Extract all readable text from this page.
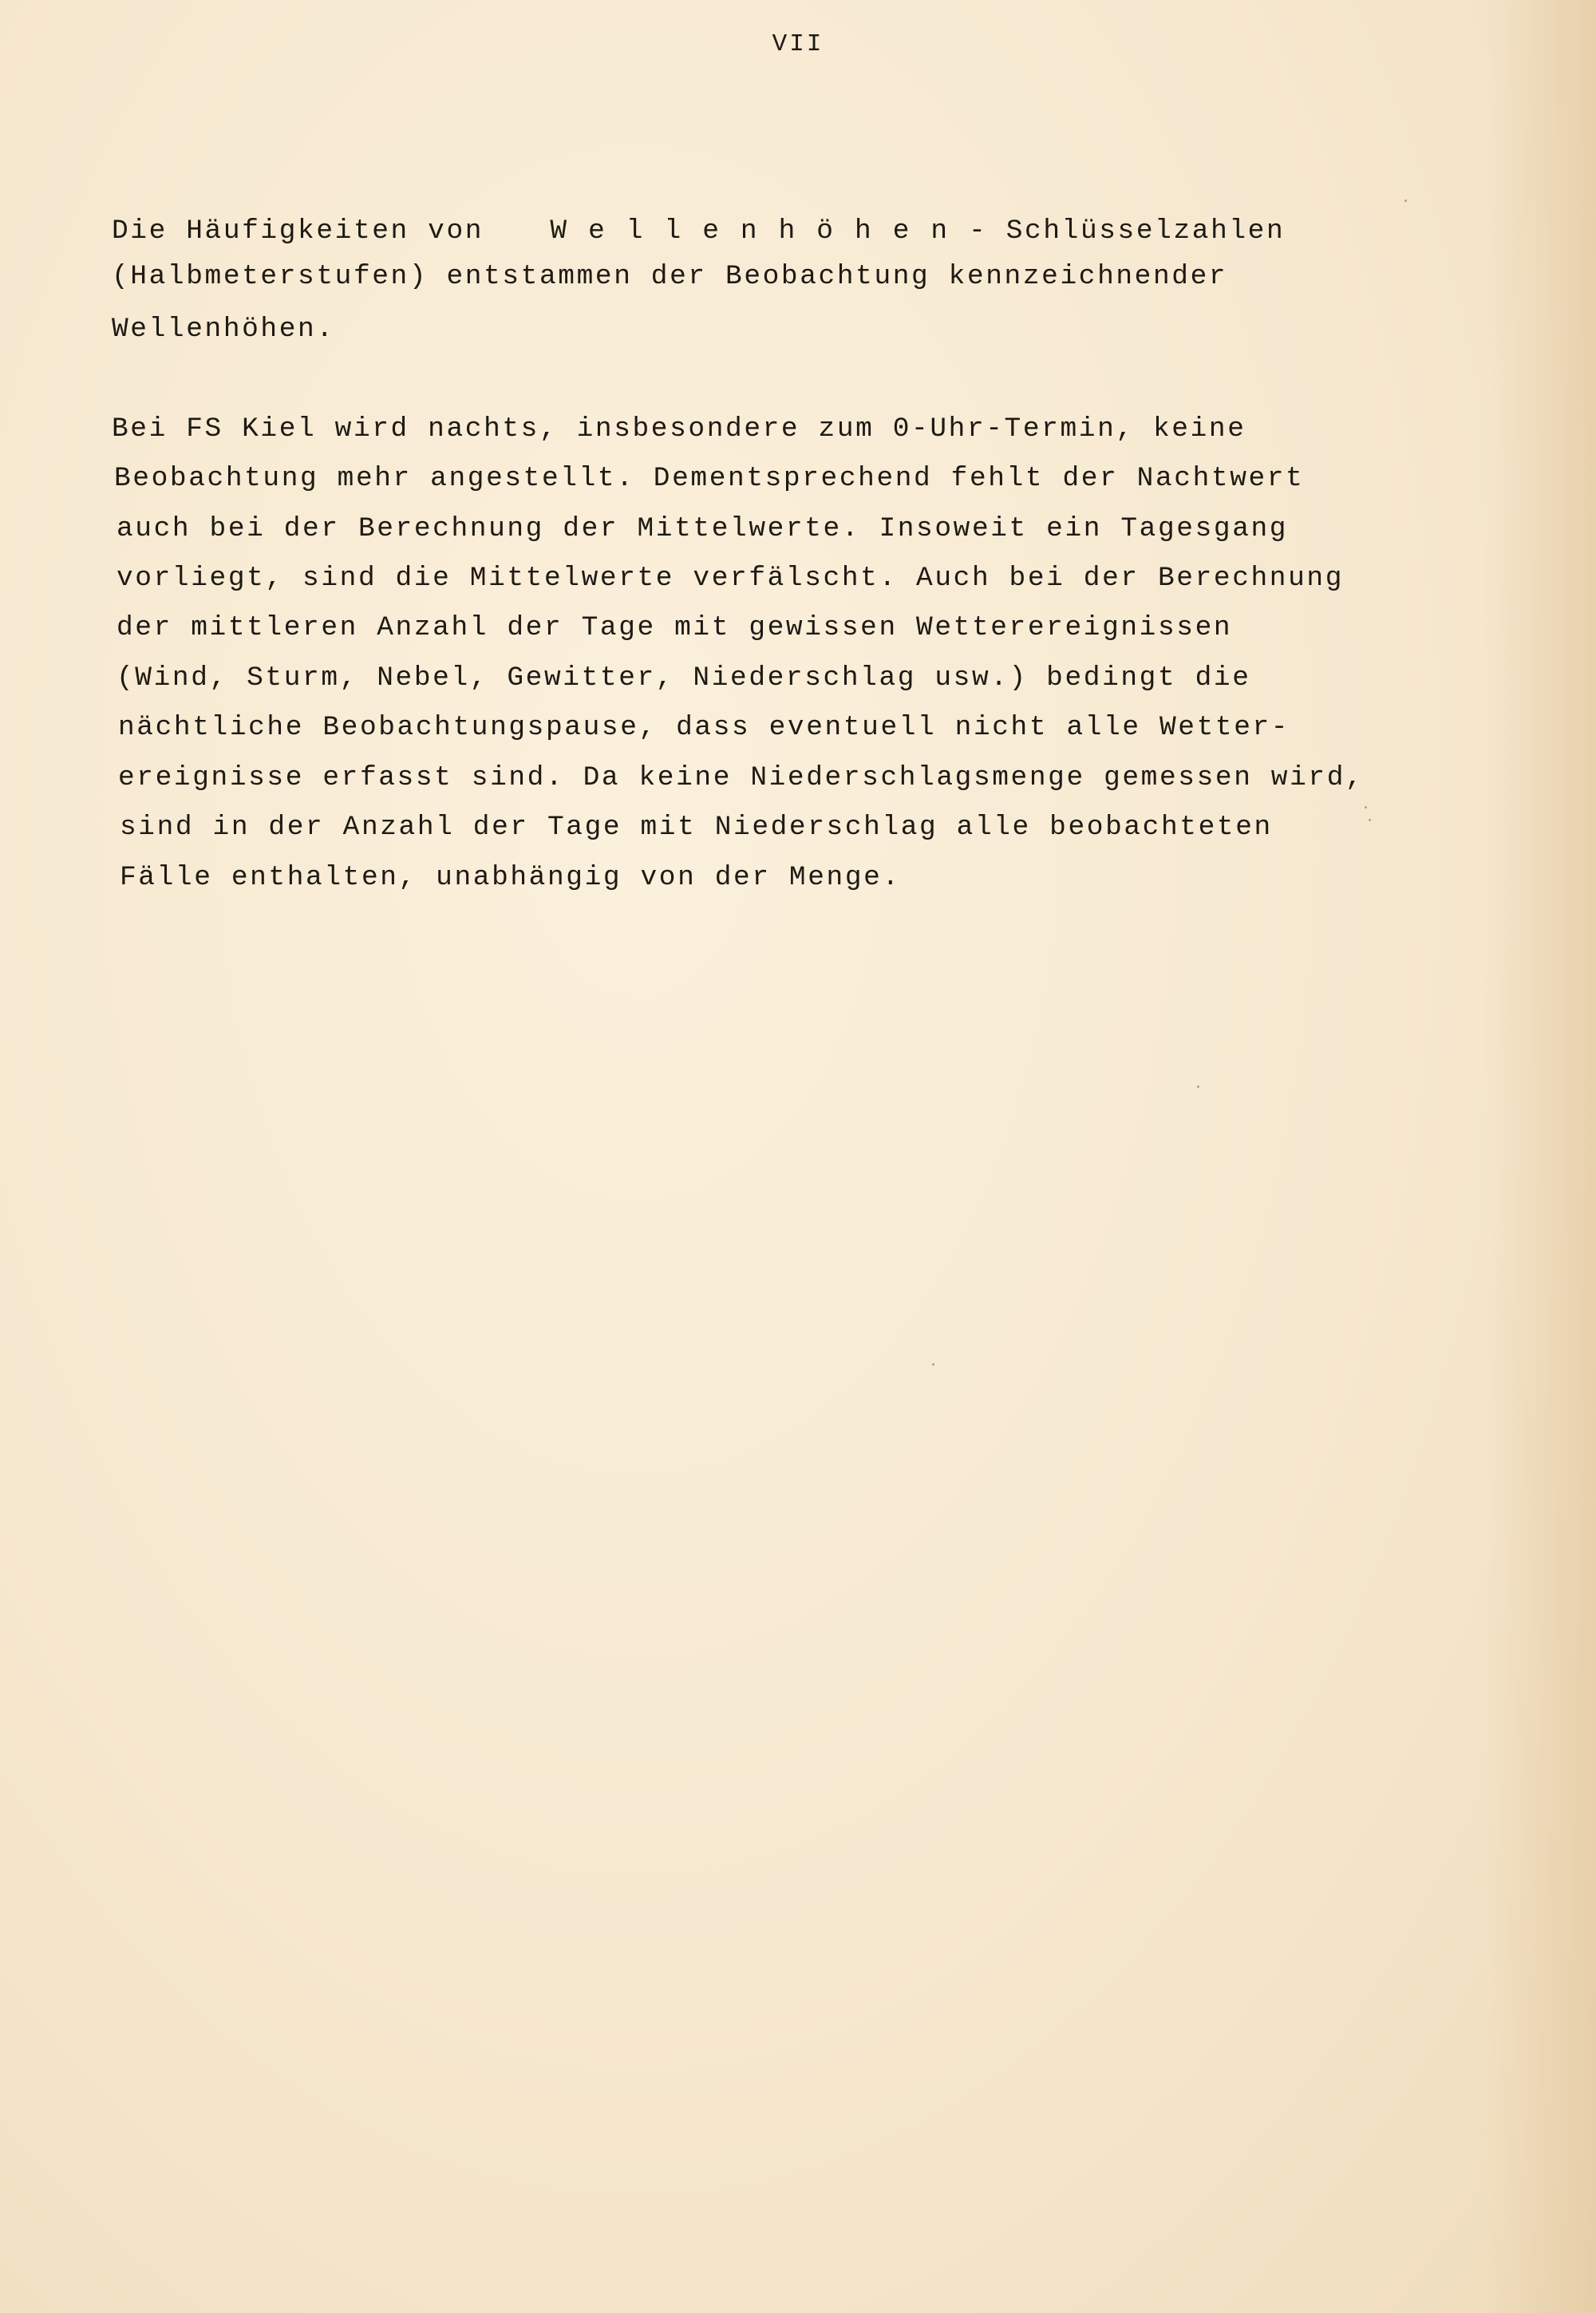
VII
Die Häufigkeiten von Wellenhöhen- Schlüsselzahlen
(Halbmeterstufen) entstammen der Beobachtung kennzeichnender
Wellenhöhen.
Bei FS Kiel wird nachts, insbesondere zum 0-Uhr-Termin, keine
Beobachtung mehr angestellt. Dementsprechend fehlt der Nachtwert
auch bei der Berechnung der Mittelwerte. Insoweit ein Tagesgang
vorliegt, sind die Mittelwerte verfälscht. Auch bei der Berechnung
der mittleren Anzahl der Tage mit gewissen Wetterereignissen
(Wind, Sturm, Nebel, Gewitter, Niederschlag usw.) bedingt die
nächtliche Beobachtungspause, dass eventuell nicht alle Wetter-
ereignisse erfasst sind. Da keine Niederschlagsmenge gemessen wird,
sind in der Anzahl der Tage mit Niederschlag alle beobachteten
Fälle enthalten, unabhängig von der Menge.
